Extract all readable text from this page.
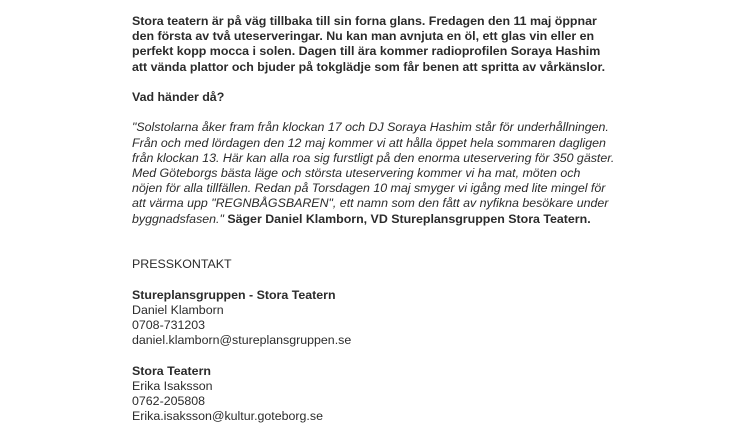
Stora teatern är på väg tillbaka till sin forna glans. Fredagen den 11 maj öppnar
den första av två uteserveringar. Nu kan man avnjuta en öl, ett glas vin eller en
perfekt kopp mocca i solen. Dagen till ära kommer radioprofilen Soraya Hashim
att vända plattor och bjuder på tokglädje som får benen att spritta av vårkänslor.
Vad händer då?
"Solstolarna åker fram från klockan 17 och DJ Soraya Hashim står för underhållningen.
Från och med lördagen den 12 maj kommer vi att hålla öppet hela sommaren dagligen
från klockan 13. Här kan alla roa sig furstligt på den enorma uteservering för 350 gäster.
Med Göteborgs bästa läge och största uteservering kommer vi ha mat, möten och
nöjen för alla tillfällen. Redan på Torsdagen 10 maj smyger vi igång med lite mingel för
att värma upp "REGNBÅGSBAREN", ett namn som den fått av nyfikna besökare under
byggnadsfasen." Säger Daniel Klamborn, VD Stureplansgruppen Stora Teatern.
PRESSKONTAKT
Stureplansgruppen - Stora Teatern
Daniel Klamborn
0708-731203
daniel.klamborn@stureplansgruppen.se
Stora Teatern
Erika Isaksson
0762-205808
Erika.isaksson@kultur.goteborg.se
